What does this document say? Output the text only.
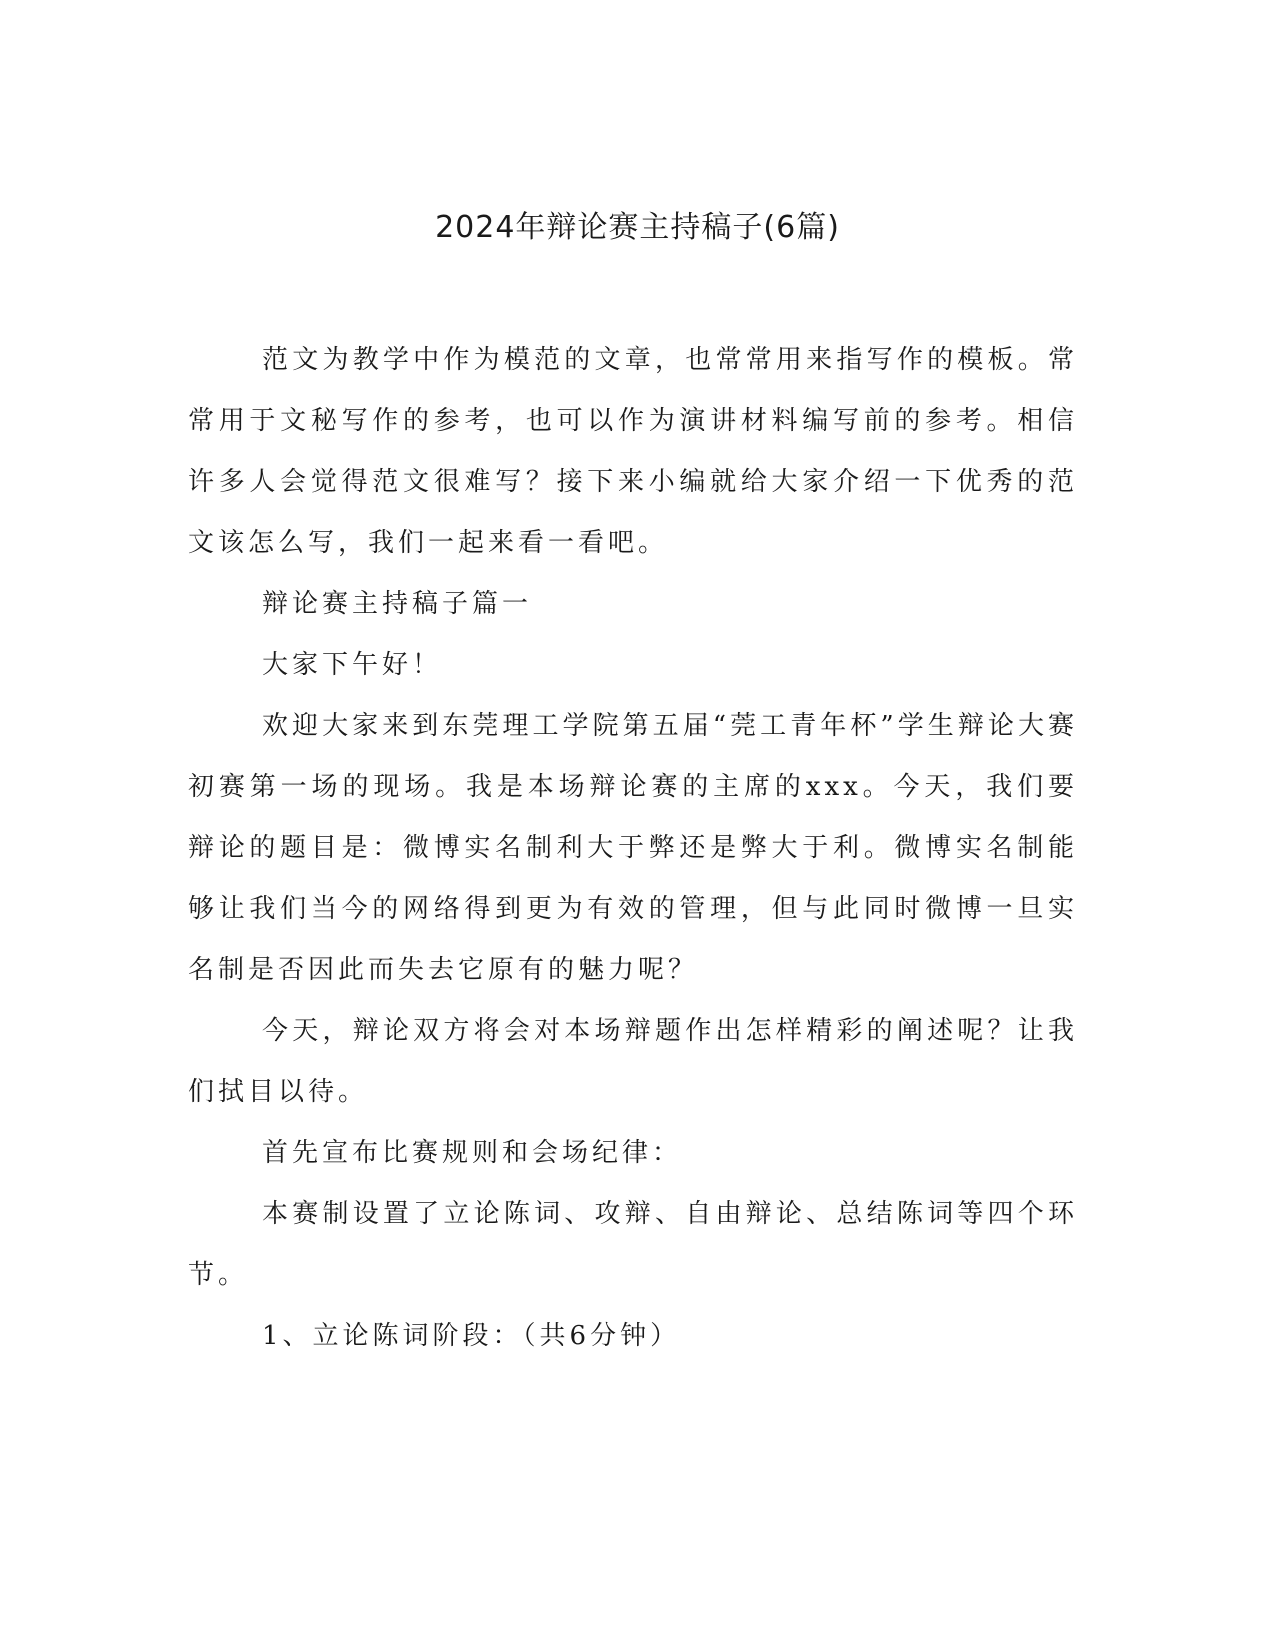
2024年辩论赛主持稿子(6篇)

范文为教学中作为模范的文章，也常常用来指写作的模板。常常用于文秘写作的参考，也可以作为演讲材料编写前的参考。相信许多人会觉得范文很难写？接下来小编就给大家介绍一下优秀的范文该怎么写，我们一起来看一看吧。

辩论赛主持稿子篇一

大家下午好！

欢迎大家来到东莞理工学院第五届“莞工青年杯”学生辩论大赛初赛第一场的现场。我是本场辩论赛的主席的xxx。今天，我们要辩论的题目是：微博实名制利大于弊还是弊大于利。微博实名制能够让我们当今的网络得到更为有效的管理，但与此同时微博一旦实名制是否因此而失去它原有的魅力呢？

今天，辩论双方将会对本场辩题作出怎样精彩的阐述呢？让我们拭目以待。

首先宣布比赛规则和会场纪律：

本赛制设置了立论陈词、攻辩、自由辩论、总结陈词等四个环节。

1、立论陈词阶段：（共6分钟）
